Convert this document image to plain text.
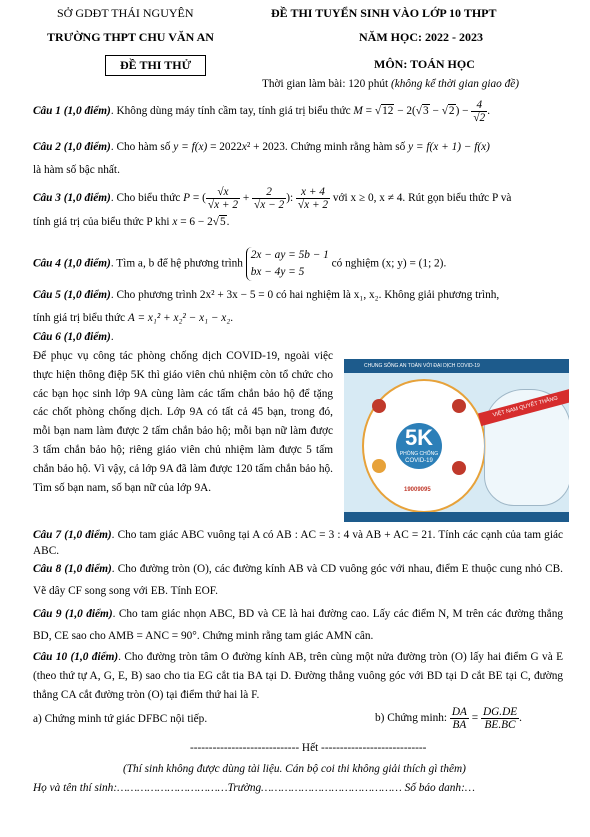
SỞ GDĐT THÁI NGUYÊN
TRƯỜNG THPT CHU VĂN AN
ĐỀ THI THỬ
ĐỀ THI TUYỂN SINH VÀO LỚP 10 THPT
NĂM HỌC: 2022 - 2023
MÔN: TOÁN HỌC
Thời gian làm bài: 120 phút (không kể thời gian giao đề)

Câu 1 (1,0 điểm). Không dùng máy tính cầm tay, tính giá trị biểu thức $M = √12 - 2(√3 - √2) - \frac{4}{√2}$ .

Câu 2 (1,0 điểm). Cho hàm số y = f(x) = 2022x² + 2023. Chứng minh rằng hàm số y = f(x + 1) − f(x)
là hàm số bậc nhất.

Câu 3 (1,0 điểm). Cho biểu thức P = ( $\frac{√x}{√x + 2} + \frac{2}{√x - 2}$ ): $\frac{x + 4}{√x + 2}$ với x ≥ 0, x ≠ 4. Rút gọn biểu thức P và
tính giá trị của biểu thức P khi x = 6 − 2√5.

Câu 4 (1,0 điểm). Tìm a, b để hệ phương trình 2x − ay = 5b − 1
bx − 4y = 5 có nghiệm (x; y) = (1; 2).

Câu 5 (1,0 điểm). Cho phương trình 2x² + 3x − 5 = 0 có hai nghiệm là x₁, x₂. Không giải phương trình,
tính giá trị biểu thức A = x₁² + x₂² − x₁ − x₂.

Câu 6 (1,0 điểm).

Để phục vụ công tác phòng chống dịch COVID-19, ngoài việc thực hiện thông điệp 5K thì giáo viên chủ nhiệm còn tổ chức cho các bạn học sinh lớp 9A cùng làm các tấm chắn bảo hộ để tặng các chốt phòng chống dịch. Lớp 9A có tất cả 45 bạn, trong đó, mỗi bạn nam làm được 2 tấm chắn bảo hộ; mỗi bạn nữ làm được 3 tấm chắn bảo hộ; riêng giáo viên chủ nhiệm làm được 5 tấm chắn bảo hộ. Vì vậy, cả lớp 9A đã làm được 120 tấm chắn bảo hộ. Tìm số bạn nam, số bạn nữ của lớp 9A.

CHUNG SỐNG AN TOÀN VỚI ĐẠI DỊCH COVID-19
5K
PHÒNG CHỐNG
COVID-19
19009095
VIỆT NAM QUYẾT THẮNG

Câu 7 (1,0 điểm). Cho tam giác ABC vuông tại A có AB : AC = 3 : 4 và AB + AC = 21. Tính các cạnh của tam giác ABC.

Câu 8 (1,0 điểm). Cho đường tròn (O), các đường kính AB và CD vuông góc với nhau, điểm E thuộc cung nhỏ CB. Vẽ dây CF song song với EB. Tính EOF.

Câu 9 (1,0 điểm). Cho tam giác nhọn ABC, BD và CE là hai đường cao. Lấy các điểm N, M trên các đường thẳng BD, CE sao cho AMB = ANC = 90°. Chứng minh rằng tam giác AMN cân.

Câu 10 (1,0 điểm). Cho đường tròn tâm O đường kính AB, trên cùng một nửa đường tròn (O) lấy hai điểm G và E (theo thứ tự A, G, E, B) sao cho tia EG cắt tia BA tại D. Đường thẳng vuông góc với BD tại D cắt BE tại C, đường thẳng CA cắt đường tròn (O) tại điểm thứ hai là F.

a) Chứng minh tứ giác DFBC nội tiếp.	b) Chứng minh: $\frac{DA}{BA} = \frac{DG.DE}{BE.BC}$ .
----------------------------- Hết ----------------------------
(Thí sinh không được dùng tài liệu. Cán bộ coi thi không giải thích gì thêm)
Họ và tên thí sinh:……………………………Trường…………………………………… Số báo danh:…
